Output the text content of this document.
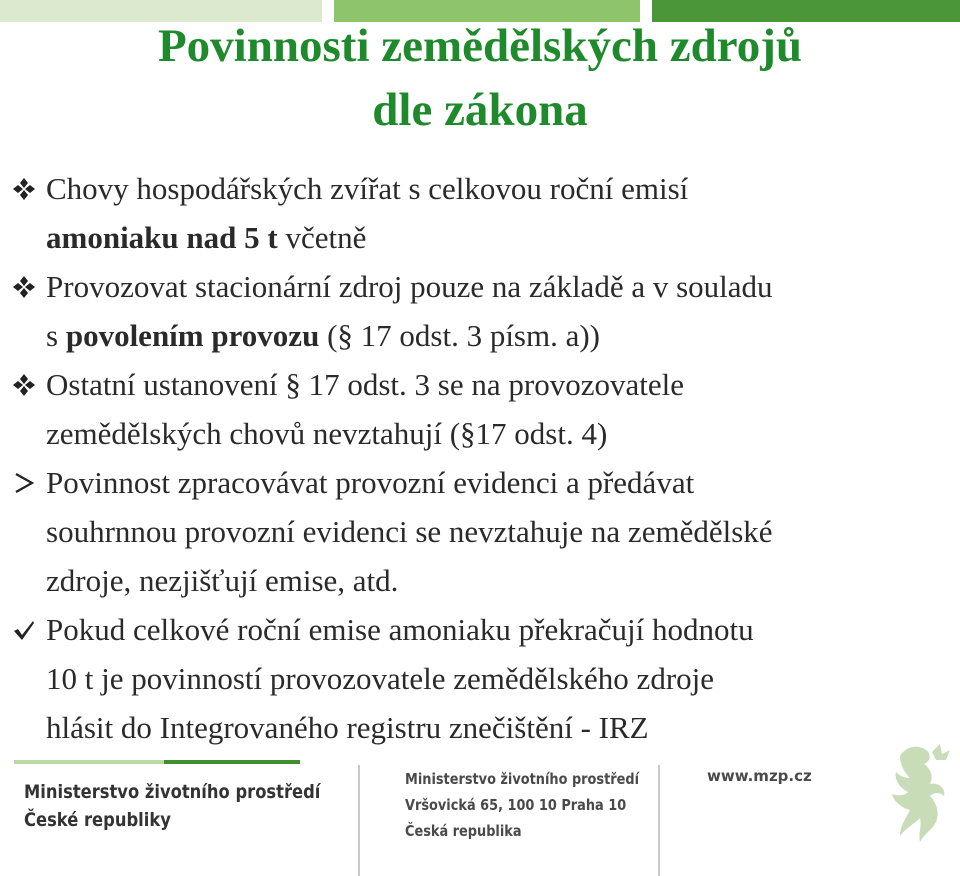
Povinnosti zemědělských zdrojů
dle zákona
Chovy hospodářských zvířat s celkovou roční emisí
amoniaku nad 5 t včetně
Provozovat stacionární zdroj pouze na základě a v souladu
s povolením provozu (§ 17 odst. 3 písm. a))
Ostatní ustanovení § 17 odst. 3 se na provozovatele
zemědělských chovů nevztahují (§17 odst. 4)
Povinnost zpracovávat provozní evidenci a předávat
souhrnnou provozní evidenci se nevztahuje na zemědělské
zdroje, nezjišťují emise, atd.
Pokud celkové roční emise amoniaku překračují hodnotu
10 t je povinností provozovatele zemědělského zdroje
hlásit do Integrovaného registru znečištění - IRZ
Ministerstvo životního prostředí
České republiky
Ministerstvo životního prostředí
Vršovická 65, 100 10 Praha 10
Česká republika
www.mzp.cz
